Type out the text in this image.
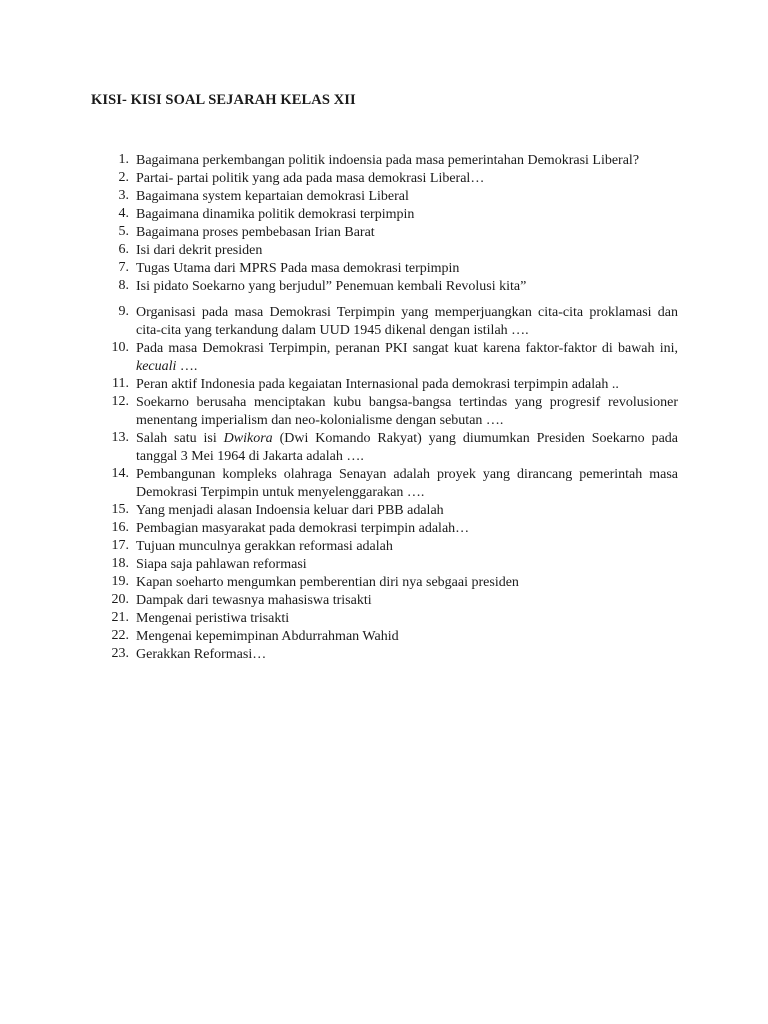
KISI- KISI SOAL SEJARAH KELAS XII
1. Bagaimana perkembangan politik indoensia pada masa pemerintahan Demokrasi Liberal?
2. Partai- partai politik yang ada pada masa demokrasi Liberal…
3. Bagaimana system kepartaian demokrasi Liberal
4. Bagaimana dinamika politik demokrasi terpimpin
5. Bagaimana proses pembebasan Irian Barat
6. Isi dari dekrit presiden
7. Tugas Utama dari MPRS Pada masa demokrasi terpimpin
8. Isi pidato Soekarno yang berjudul” Penemuan kembali Revolusi kita”
9. Organisasi pada masa Demokrasi Terpimpin yang memperjuangkan cita-cita proklamasi dan cita-cita yang terkandung dalam UUD 1945 dikenal dengan istilah ….
10. Pada masa Demokrasi Terpimpin, peranan PKI sangat kuat karena faktor-faktor di bawah ini, kecuali ….
11. Peran aktif Indonesia pada kegaiatan Internasional pada demokrasi terpimpin adalah ..
12. Soekarno berusaha menciptakan kubu bangsa-bangsa tertindas yang progresif revolusioner menentang imperialism dan neo-kolonialisme dengan sebutan ….
13. Salah satu isi Dwikora (Dwi Komando Rakyat) yang diumumkan Presiden Soekarno pada tanggal 3 Mei 1964 di Jakarta adalah ….
14. Pembangunan kompleks olahraga Senayan adalah proyek yang dirancang pemerintah masa Demokrasi Terpimpin untuk menyelenggarakan ….
15. Yang menjadi alasan Indoensia keluar dari PBB adalah
16. Pembagian masyarakat pada demokrasi terpimpin adalah…
17. Tujuan munculnya gerakkan reformasi adalah
18. Siapa saja pahlawan reformasi
19. Kapan soeharto mengumkan pemberentian diri nya sebgaai presiden
20. Dampak dari tewasnya mahasiswa trisakti
21. Mengenai peristiwa trisakti
22. Mengenai kepemimpinan Abdurrahman Wahid
23. Gerakkan Reformasi…
